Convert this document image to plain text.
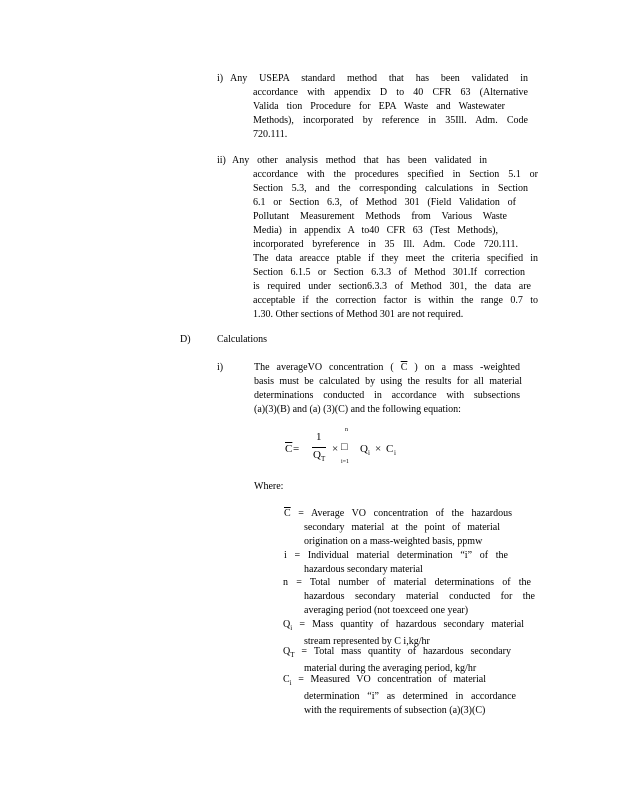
i) Any USEPA standard method that has been validated in
accordance with appendix D to 40 CFR 63 (Alternative
Valida tion Procedure for EPA Waste and Wastewater
Methods), incorporated by reference in 35Ill. Adm. Code
720.111.
ii) Any other analysis method that has been validated in
accordance with the procedures specified in Section 5.1 or
Section 5.3, and the corresponding calculations in Section
6.1 or Section 6.3, of Method 301 (Field Validation of
Pollutant Measurement Methods from Various Waste
Media) in appendix A to40 CFR 63 (Test Methods),
incorporated byreference in 35 Ill. Adm. Code 720.111.
The data areacce ptable if they meet the criteria specified in
Section 6.1.5 or Section 6.3.3 of Method 301.If correction
is required under section6.3.3 of Method 301, the data are
acceptable if the correction factor is within the range 0.7 to
1.30. Other sections of Method 301 are not required.
D)	Calculations
i)	The averageVO concentration ( $\overline{C}$ ) on a mass -weighted
basis must be calculated by using the results for all material
determinations conducted in accordance with subsections
(a)(3)(B) and (a) (3)(C) and the following equation:
$\overline{C}$ =
1
Q T
×
n
□
i=1
Q i × C i
Where:
$\overline{C}$ = Average VO concentration of the hazardous
secondary material at the point of material
origination on a mass-weighted basis, ppmw
i = Individual material determination “i” of the
hazardous secondary material
n = Total number of material determinations of the
hazardous secondary material conducted for the
averaging period (not toexceed one year)
$Q_i$ = Mass quantity of hazardous secondary material
stream represented by C i,kg/hr
$Q_T$ = Total mass quantity of hazardous secondary
material during the averaging period, kg/hr
$C_i$ = Measured VO concentration of material
determination “i” as determined in accordance
with the requirements of subsection (a)(3)(C)
